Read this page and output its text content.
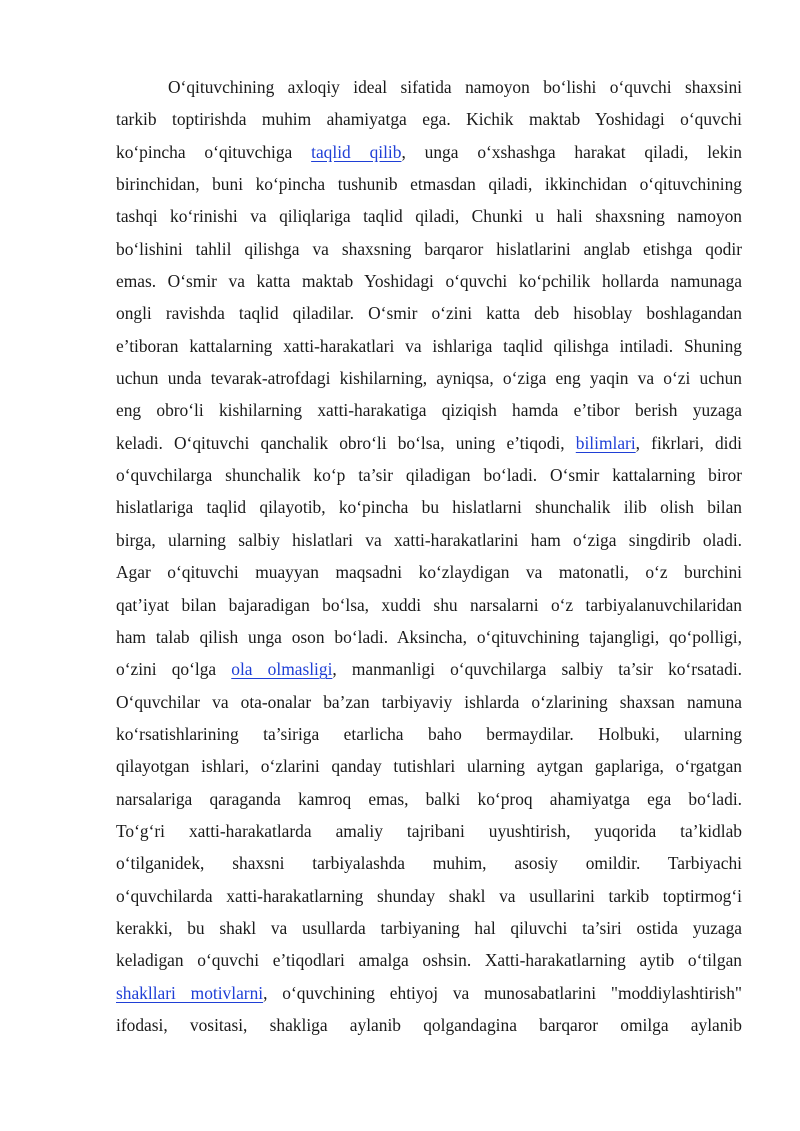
O‘qituvchining axloqiy ideal sifatida namoyon bo‘lishi o‘quvchi shaxsini
tarkib toptirishda muhim ahamiyatga ega. Kichik maktab Yoshidagi o‘quvchi
ko‘pincha o‘qituvchiga taqlid qilib, unga o‘xshashga harakat qiladi, lekin
birinchidan, buni ko‘pincha tushunib etmasdan qiladi, ikkinchidan o‘qituvchining
tashqi ko‘rinishi va qiliqlariga taqlid qiladi, Chunki u hali shaxsning namoyon
bo‘lishini tahlil qilishga va shaxsning barqaror hislatlarini anglab etishga qodir
emas. O‘smir va katta maktab Yoshidagi o‘quvchi ko‘pchilik hollarda namunaga
ongli ravishda taqlid qiladilar. O‘smir o‘zini katta deb hisoblay boshlagandan
e’tiboran kattalarning xatti-harakatlari va ishlariga taqlid qilishga intiladi. Shuning
uchun unda tevarak-atrofdagi kishilarning, ayniqsa, o‘ziga eng yaqin va o‘zi uchun
eng obro‘li kishilarning xatti-harakatiga qiziqish hamda e’tibor berish yuzaga
keladi. O‘qituvchi qanchalik obro‘li bo‘lsa, uning e’tiqodi, bilimlari, fikrlari, didi
o‘quvchilarga shunchalik ko‘p ta’sir qiladigan bo‘ladi. O‘smir kattalarning biror
hislatlariga taqlid qilayotib, ko‘pincha bu hislatlarni shunchalik ilib olish bilan
birga, ularning salbiy hislatlari va xatti-harakatlarini ham o‘ziga singdirib oladi.
Agar o‘qituvchi muayyan maqsadni ko‘zlaydigan va matonatli, o‘z burchini
qat’iyat bilan bajaradigan bo‘lsa, xuddi shu narsalarni o‘z tarbiyalanuvchilaridan
ham talab qilish unga oson bo‘ladi. Aksincha, o‘qituvchining tajangligi, qo‘polligi,
o‘zini qo‘lga ola olmasligi, manmanligi o‘quvchilarga salbiy ta’sir ko‘rsatadi.
O‘quvchilar va ota-onalar ba’zan tarbiyaviy ishlarda o‘zlarining shaxsan namuna
ko‘rsatishlarining ta’siriga etarlicha baho bermaydilar. Holbuki, ularning
qilayotgan ishlari, o‘zlarini qanday tutishlari ularning aytgan gaplariga, o‘rgatgan
narsalariga qaraganda kamroq emas, balki ko‘proq ahamiyatga ega bo‘ladi.
To‘g‘ri xatti-harakatlarda amaliy tajribani uyushtirish, yuqorida ta’kidlab
o‘tilganidek, shaxsni tarbiyalashda muhim, asosiy omildir. Tarbiyachi
o‘quvchilarda xatti-harakatlarning shunday shakl va usullarini tarkib toptirmog‘i
kerakki, bu shakl va usullarda tarbiyaning hal qiluvchi ta’siri ostida yuzaga
keladigan o‘quvchi e’tiqodlari amalga oshsin. Xatti-harakatlarning aytib o‘tilgan
shakllari motivlarni, o‘quvchining ehtiyoj va munosabatlarini "moddiylashtirish"
ifodasi, vositasi, shakliga aylanib qolgandagina barqaror omilga aylanib
